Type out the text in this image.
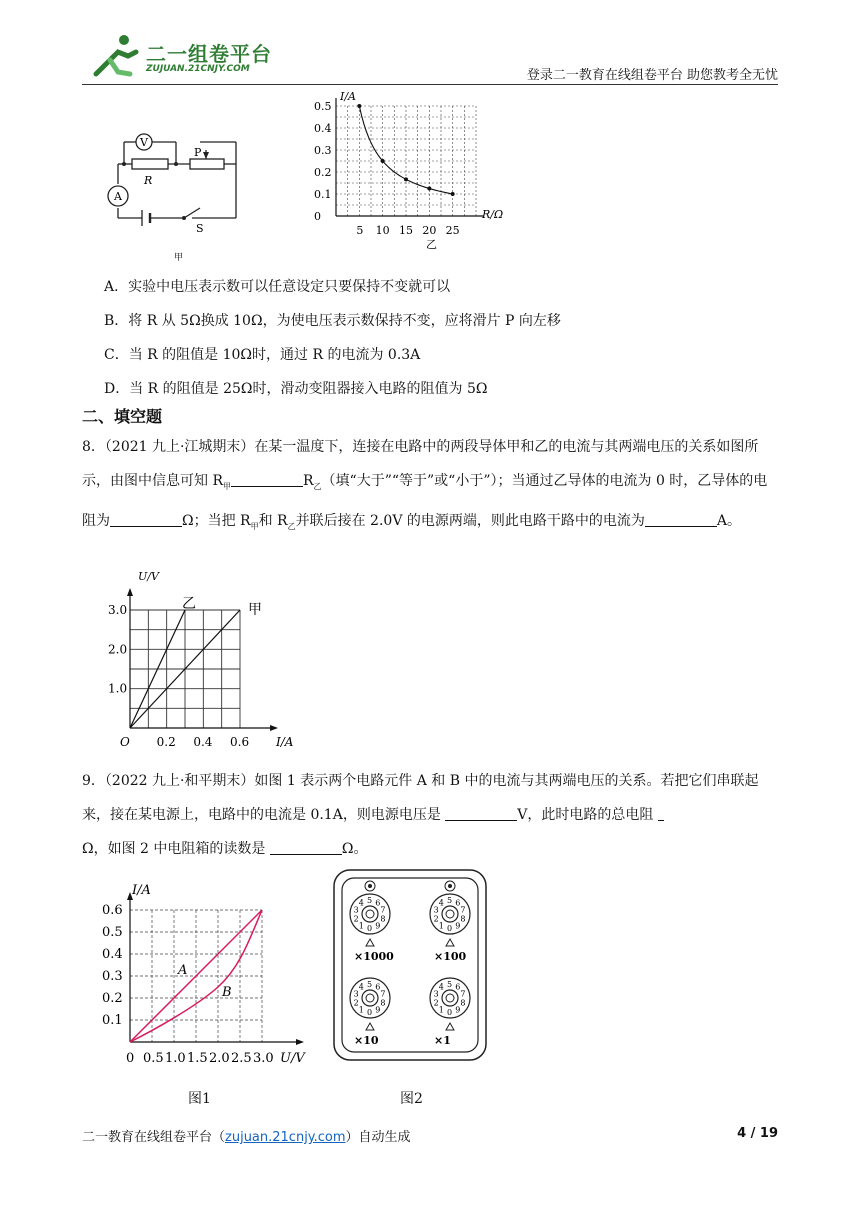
二一组卷平台
ZUJUAN.21CNJY.COM	登录二一教育在线组卷平台 助您教考全无忧
V
A
R
P
S
甲
I/A
R/Ω
乙
0.5
0.4
0.3
0.2
0.1
0
5 10 15 20 25
A．实验中电压表示数可以任意设定只要保持不变就可以
B．将 R 从 5Ω换成 10Ω，为使电压表示数保持不变，应将滑片 P 向左移
C．当 R 的阻值是 10Ω时，通过 R 的电流为 0.3A
D．当 R 的阻值是 25Ω时，滑动变阻器接入电路的阻值为 5Ω
二、填空题
8．（2021 九上·江城期末）在某一温度下，连接在电路中的两段导体甲和乙的电流与其两端电压的关系如图所示，由图中信息可知 $R_甲$	$R_乙$（填“大于”“等于”或“小于”）；当通过乙导体的电流为 0 时，乙导体的电阻为	Ω；当把 $R_甲$和 $R_乙$并联后接在 2.0V 的电源两端，则此电路干路中的电流为	A。
U/V
I/A
O
乙	甲
1.0
2.0
3.0
0.2 0.4 0.6
9．（2022 九上·和平期末）如图 1 表示两个电路元件 A 和 B 中的电流与其两端电压的关系。若把它们串联起来，接在某电源上，电路中的电流是 0.1A，则电源电压是	V，此时电路的总电阻
Ω，如图 2 中电阻箱的读数是	Ω。
I/A
U/V
A
B
0.1
0.2
0.3
0.4
0.5
0.6
0 0.5 1.0 1.5 2.0 2.5 3.0
图1
0
1
2
3
4 5 6
7
8
9
×1000
0
1
2
3
4 5 6
7
8
9
×100
0
1
2
3
4 5 6
7
8
9
×10
0
1
2
3
4 5 6
7
8
9
×1
图2
二一教育在线组卷平台（zujuan.21cnjy.com）自动生成	4 / 19
